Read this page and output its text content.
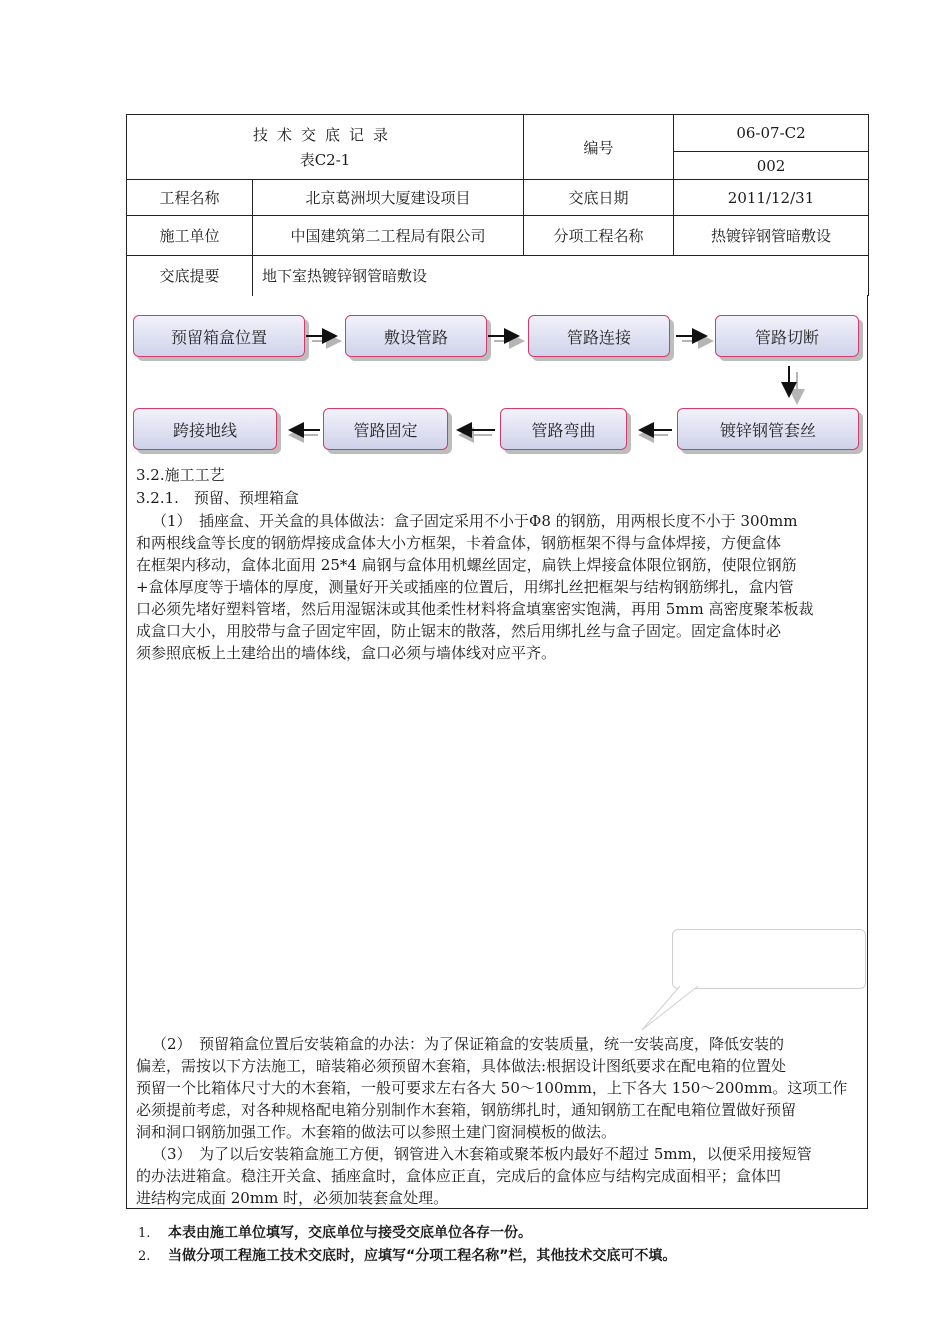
技术交底记录
表C2-1		编号	06-07-C2
			002
工程名称	北京葛洲坝大厦建设项目	交底日期	2011/12/31
施工单位	中国建筑第二工程局有限公司	分项工程名称	热镀锌钢管暗敷设
交底提要	地下室热镀锌钢管暗敷设		
预留箱盒位置	敷设管路	管路连接	管路切断
跨接地线	管路固定	管路弯曲	镀锌钢管套丝
3.2.施工工艺
3.2.1.　预留、预埋箱盒
（1）　插座盒、开关盒的具体做法：盒子固定采用不小于Φ8 的钢筋，用两根长度不小于 300mm
和两根线盒等长度的钢筋焊接成盒体大小方框架，卡着盒体，钢筋框架不得与盒体焊接，方便盒体
在框架内移动，盒体北面用 25*4 扁钢与盒体用机螺丝固定，扁铁上焊接盒体限位钢筋，使限位钢筋
+盒体厚度等于墙体的厚度，测量好开关或插座的位置后，用绑扎丝把框架与结构钢筋绑扎，盒内管
口必须先堵好塑料管堵，然后用湿锯沫或其他柔性材料将盒填塞密实饱满，再用 5mm 高密度聚苯板裁
成盒口大小，用胶带与盒子固定牢固，防止锯末的散落，然后用绑扎丝与盒子固定。固定盒体时必
须参照底板上土建给出的墙体线，盒口必须与墙体线对应平齐。
（2）　预留箱盒位置后安装箱盒的办法：为了保证箱盒的安装质量，统一安装高度，降低安装的
偏差，需按以下方法施工，暗装箱必须预留木套箱，具体做法:根据设计图纸要求在配电箱的位置处
预留一个比箱体尺寸大的木套箱，一般可要求左右各大 50～100mm，上下各大 150～200mm。这项工作
必须提前考虑，对各种规格配电箱分别制作木套箱，钢筋绑扎时，通知钢筋工在配电箱位置做好预留
洞和洞口钢筋加强工作。木套箱的做法可以参照土建门窗洞模板的做法。
（3）　为了以后安装箱盒施工方便，钢管进入木套箱或聚苯板内最好不超过 5mm，以便采用接短管
的办法进箱盒。稳注开关盒、插座盒时，盒体应正直，完成后的盒体应与结构完成面相平；盒体凹
进结构完成面 20mm 时，必须加装套盒处理。
1. 本表由施工单位填写，交底单位与接受交底单位各存一份。
2. 当做分项工程施工技术交底时，应填写“分项工程名称”栏，其他技术交底可不填。
